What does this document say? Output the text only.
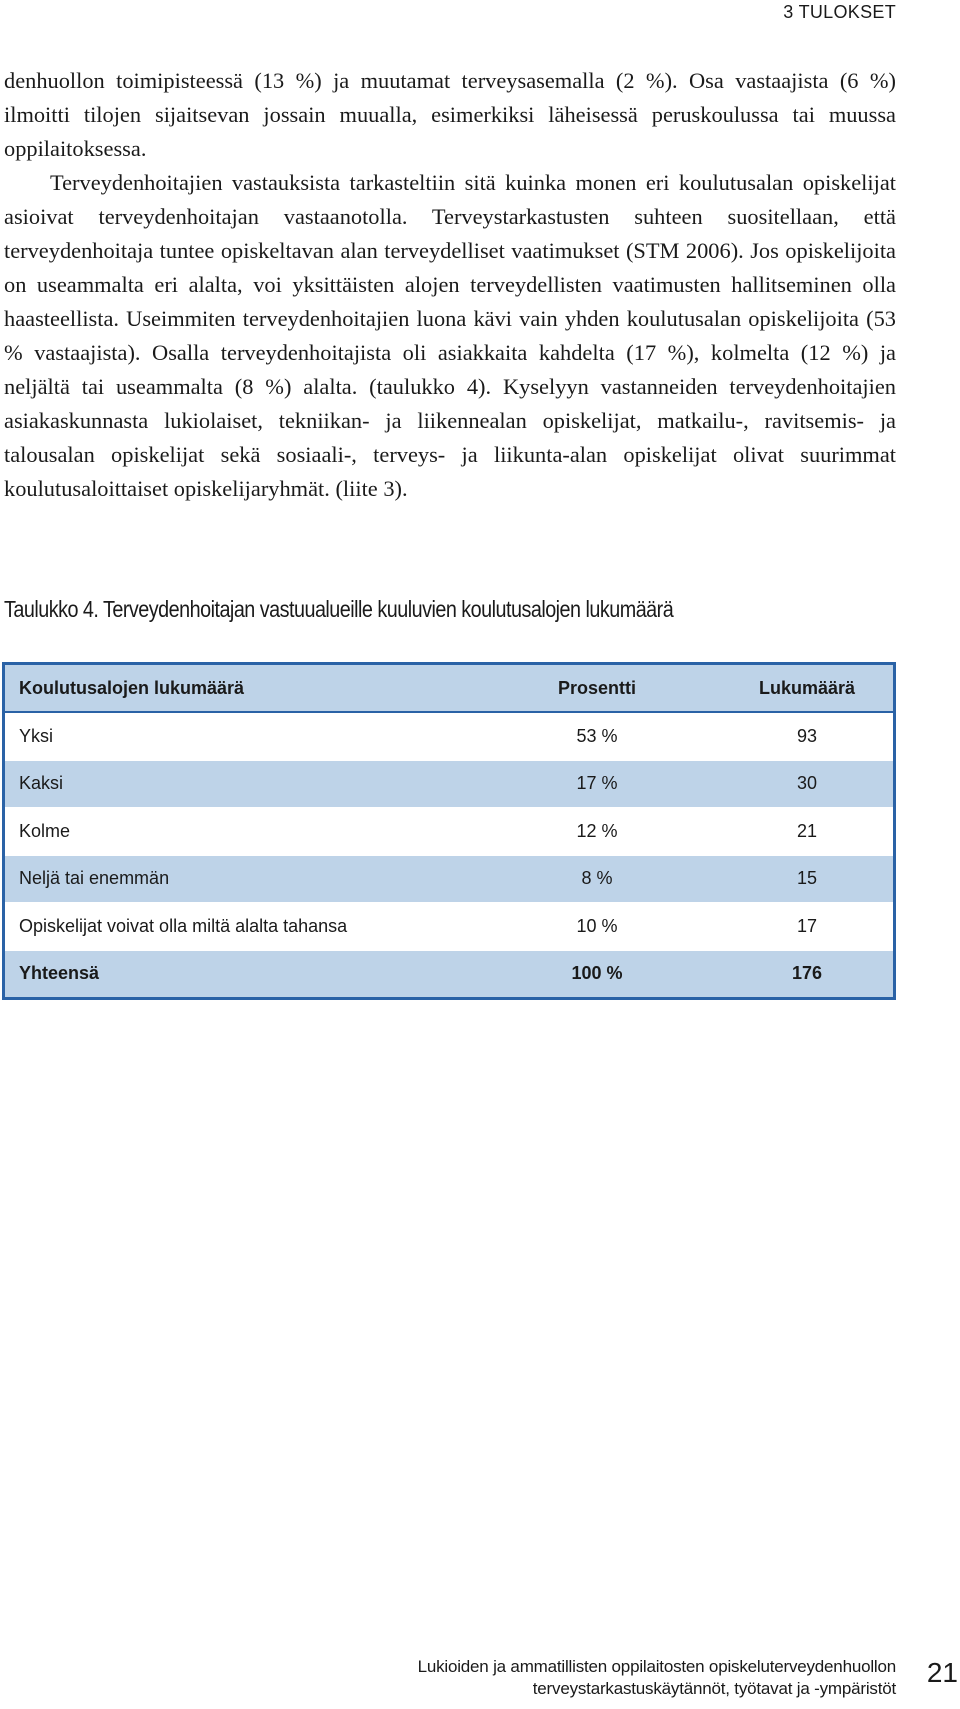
3 TULOKSET

denhuollon toimipisteessä (13 %) ja muutamat terveysasemalla (2 %). Osa vastaajista (6 %) ilmoitti tilojen sijaitsevan jossain muualla, esimerkiksi läheisessä peruskoulussa tai muussa oppilaitoksessa.

Terveydenhoitajien vastauksista tarkasteltiin sitä kuinka monen eri koulutusalan opiskelijat asioivat terveydenhoitajan vastaanotolla. Terveystarkastusten suhteen suositellaan, että terveydenhoitaja tuntee opiskeltavan alan terveydelliset vaatimukset (STM 2006). Jos opiskelijoita on useammalta eri alalta, voi yksittäisten alojen terveydellisten vaatimusten hallitseminen olla haasteellista. Useimmiten terveydenhoitajien luona kävi vain yhden koulutusalan opiskelijoita (53 % vastaajista). Osalla terveydenhoitajista oli asiakkaita kahdelta (17 %), kolmelta (12 %) ja neljältä tai useammalta (8 %) alalta. (taulukko 4). Kyselyyn vastanneiden terveydenhoitajien asiakaskunnasta lukiolaiset, tekniikan- ja liikennealan opiskelijat, matkailu-, ravitsemis- ja talousalan opiskelijat sekä sosiaali-, terveys- ja liikunta-alan opiskelijat olivat suurimmat koulutusaloittaiset opiskelijaryhmät. (liite 3).

Taulukko 4. Terveydenhoitajan vastuualueille kuuluvien koulutusalojen lukumäärä
Koulutusalojen lukumäärä	Prosentti	Lukumäärä
Yksi	53 %	93
Kaksi	17 %	30
Kolme	12 %	21
Neljä tai enemmän	8 %	15
Opiskelijat voivat olla miltä alalta tahansa	10 %	17
Yhteensä	100 %	176
Lukioiden ja ammatillisten oppilaitosten opiskeluterveydenhuollon
terveystarkastuskäytännöt, työtavat ja -ympäristöt
21
